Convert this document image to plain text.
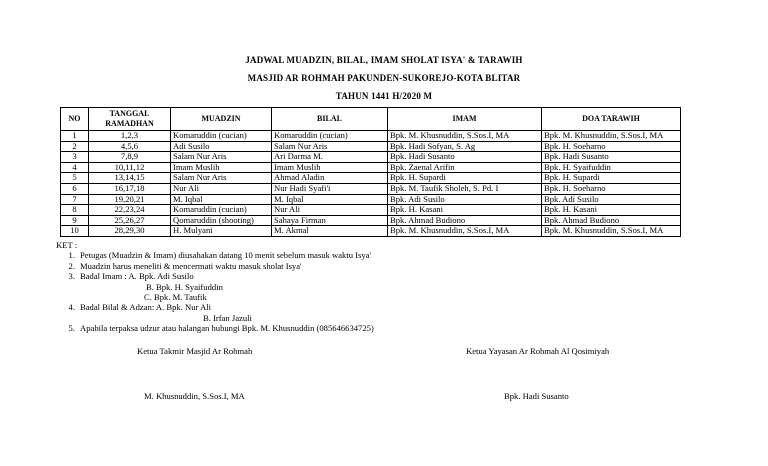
JADWAL MUADZIN, BILAL, IMAM SHOLAT ISYA' & TARAWIH
MASJID AR ROHMAH PAKUNDEN-SUKOREJO-KOTA BLITAR
TAHUN 1441 H/2020 M
NO	TANGGAL RAMADHAN	MUADZIN	BILAL	IMAM	DOA TARAWIH
1	1,2,3	Komaruddin (cucian)	Komaruddin (cucian)	Bpk. M. Khusnuddin, S.Sos.I, MA	Bpk. M. Khusnuddin, S.Sos.I, MA
2	4,5,6	Adi Susilo	Salam Nur Aris	Bpk. Hadi Sofyan, S. Ag	Bpk. H. Soeharno
3	7,8,9	Salam Nur Aris	Ari Darma M.	Bpk. Hadi Susanto	Bpk. Hadi Susanto
4	10,11,12	Imam Muslih	Imam Muslih	Bpk. Zaenal Arifin	Bpk. H. Syaifuddin
5	13,14,15	Salam Nur Aris	Ahmad Aladin	Bpk. H. Supardi	Bpk. H. Supardi
6	16,17,18	Nur Ali	Nur Hadi Syafi'i	Bpk. M. Taufik Sholeh, S. Pd. I	Bpk. H. Soeharno
7	19,20,21	M. Iqbal	M. Iqbal	Bpk. Adi Susilo	Bpk. Adi Susilo
8	22,23,24	Komaruddin (cucian)	Nur Ali	Bpk. H. Kasani	Bpk. H. Kasani
9	25,26,27	Qomaruddin (shooting)	Sahaya Firman	Bpk. Ahmad Budiono	Bpk. Ahmad Budiono
10	28,29,30	H. Mulyani	M. Akmal	Bpk. M. Khusnuddin, S.Sos.I, MA	Bpk. M. Khusnuddin, S.Sos.I, MA
KET :
1. Petugas (Muadzin & Imam) diusahakan datang 10 menit sebelum masuk waktu Isya'
2. Muadzin harus meneliti & mencermati waktu masuk sholat Isya'
3. Badal Imam : A. Bpk. Adi Susilo
B. Bpk. H. Syaifuddin
C. Bpk. M. Taufik
4. Badal Bilal & Adzan: A. Bpk. Nur Ali
B. Irfan Jazuli
5. Apabila terpaksa udzur atau halangan hubungi Bpk. M. Khusnuddin (085646634725)
Ketua Takmir Masjid Ar Rohmah
M. Khusnuddin, S.Sos.I, MA
Ketua Yayasan Ar Rohmah Al Qosimiyah
Bpk. Hadi Susanto
